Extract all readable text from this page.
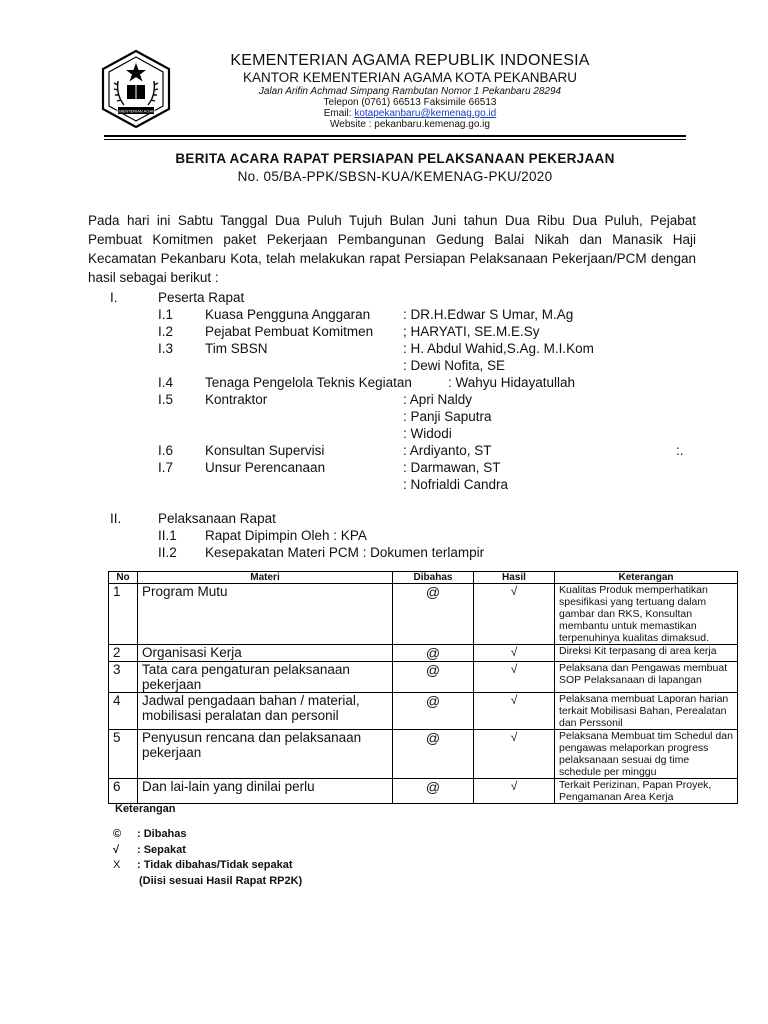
KEMENTERIAN AGAMA
KEMENTERIAN AGAMA REPUBLIK INDONESIA
KANTOR KEMENTERIAN AGAMA KOTA PEKANBARU
Jalan Arifin Achmad Simpang Rambutan Nomor 1 Pekanbaru 28294
Telepon (0761) 66513 Faksimile 66513
Email: kotapekanbaru@kemenag.go.id
Website : pekanbaru.kemenag.go.ig
BERITA ACARA RAPAT PERSIAPAN PELAKSANAAN PEKERJAAN
No. 05/BA-PPK/SBSN-KUA/KEMENAG-PKU/2020
Pada hari ini Sabtu Tanggal Dua Puluh Tujuh Bulan Juni tahun Dua Ribu Dua Puluh, Pejabat Pembuat Komitmen paket Pekerjaan Pembangunan Gedung Balai Nikah dan Manasik Haji Kecamatan Pekanbaru Kota, telah melakukan rapat Persiapan Pelaksanaan Pekerjaan/PCM dengan hasil sebagai berikut :
I.	Peserta Rapat
I.1 Kuasa Pengguna Anggaran : DR.H.Edwar S Umar, M.Ag
I.2 Pejabat Pembuat Komitmen ; HARYATI, SE.M.E.Sy
I.3 Tim SBSN	: H. Abdul Wahid,S.Ag. M.I.Kom
: Dewi Nofita, SE
I.4 Tenaga Pengelola Teknis Kegiatan	: Wahyu Hidayatullah
I.5 Kontraktor	: Apri Naldy
: Panji Saputra
: Widodi
I.6 Konsultan Supervisi	: Ardiyanto, ST	:.
I.7 Unsur Perencanaan	: Darmawan, ST
: Nofrialdi Candra
II.	Pelaksanaan Rapat
II.1 Rapat Dipimpin Oleh : KPA
II.2 Kesepakatan Materi PCM : Dokumen terlampir
No	Materi	Dibahas	Hasil	Keterangan
1	Program Mutu	@	√	Kualitas Produk memperhatikan spesifikasi yang tertuang dalam gambar dan RKS, Konsultan membantu untuk memastikan terpenuhinya kualitas dimaksud.
2	Organisasi Kerja	@	√	Direksi Kit terpasang di area kerja
3	Tata cara pengaturan pelaksanaan pekerjaan	@	√	Pelaksana dan Pengawas membuat SOP Pelaksanaan di lapangan
4	Jadwal pengadaan bahan / material, mobilisasi peralatan dan personil	@	√	Pelaksana membuat Laporan harian terkait Mobilisasi Bahan, Perealatan dan Perssonil
5	Penyusun rencana dan pelaksanaan pekerjaan	@	√	Pelaksana Membuat tim Schedul dan pengawas melaporkan progress pelaksanaan sesuai dg time schedule per minggu
6	Dan lai-lain yang dinilai perlu	@	√	Terkait Perizinan, Papan Proyek, Pengamanan Area Kerja
Keterangan
© : Dibahas
√ : Sepakat
X : Tidak dibahas/Tidak sepakat
(Diisi sesuai Hasil Rapat RP2K)
